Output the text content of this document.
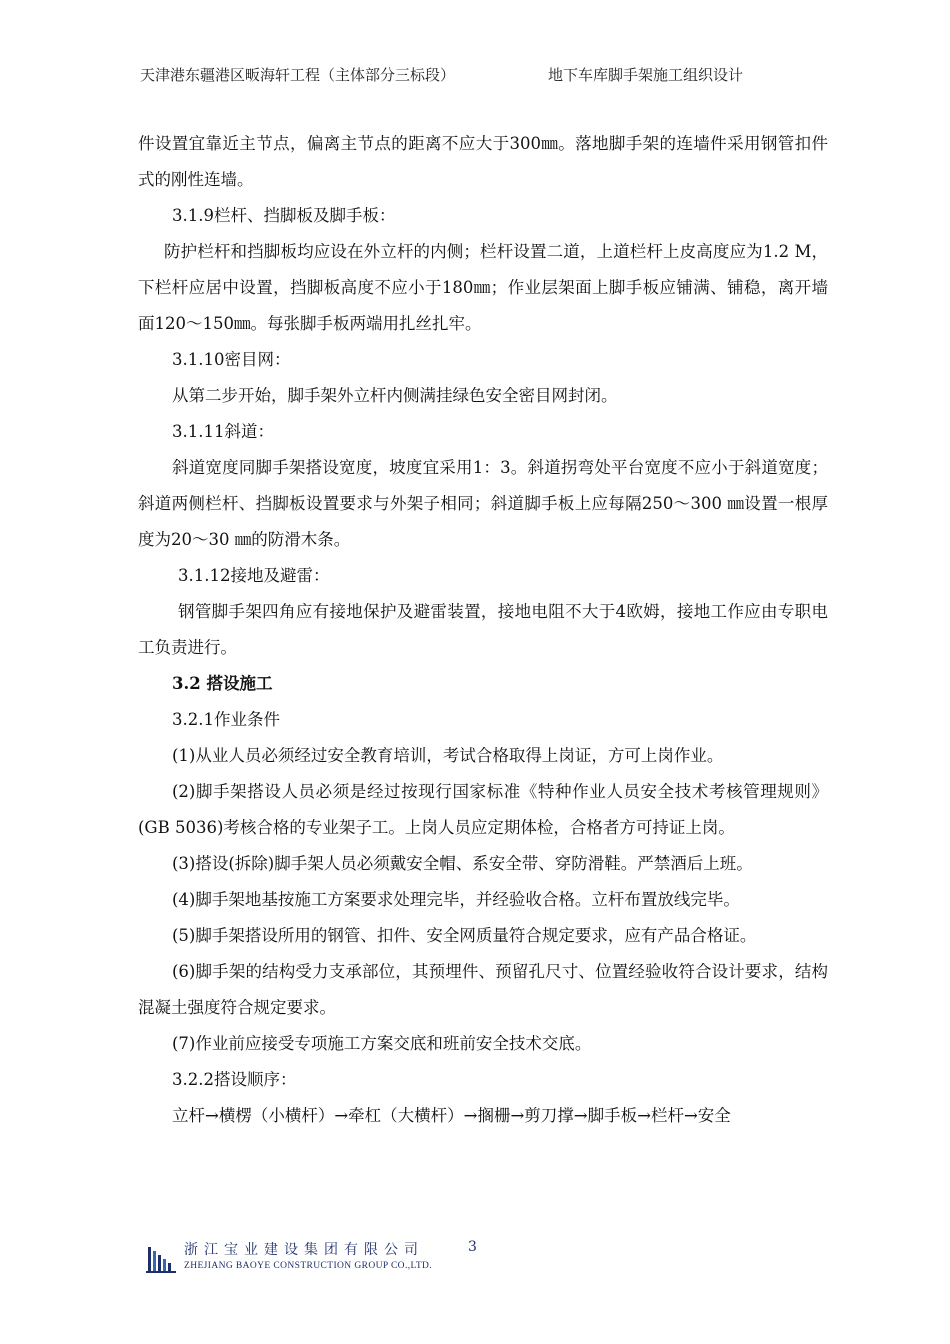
天津港东疆港区畈海轩工程（主体部分三标段）	地下车库脚手架施工组织设计

件设置宜靠近主节点，偏离主节点的距离不应大于300㎜。落地脚手架的连墙件采用钢管扣件式的刚性连墙。

3.1.9栏杆、挡脚板及脚手板：

防护栏杆和挡脚板均应设在外立杆的内侧；栏杆设置二道，上道栏杆上皮高度应为1.2 M，下栏杆应居中设置，挡脚板高度不应小于180㎜；作业层架面上脚手板应铺满、铺稳，离开墙面120～150㎜。每张脚手板两端用扎丝扎牢。

3.1.10密目网：

从第二步开始，脚手架外立杆内侧满挂绿色安全密目网封闭。

3.1.11斜道：

斜道宽度同脚手架搭设宽度，坡度宜采用1：3。斜道拐弯处平台宽度不应小于斜道宽度；斜道两侧栏杆、挡脚板设置要求与外架子相同；斜道脚手板上应每隔250～300 ㎜设置一根厚度为20～30 ㎜的防滑木条。

3.1.12接地及避雷：

钢管脚手架四角应有接地保护及避雷装置，接地电阻不大于4欧姆，接地工作应由专职电工负责进行。

3.2 搭设施工

3.2.1作业条件

(1)从业人员必须经过安全教育培训，考试合格取得上岗证，方可上岗作业。

(2)脚手架搭设人员必须是经过按现行国家标准《特种作业人员安全技术考核管理规则》(GB 5036)考核合格的专业架子工。上岗人员应定期体检，合格者方可持证上岗。

(3)搭设(拆除)脚手架人员必须戴安全帽、系安全带、穿防滑鞋。严禁酒后上班。

(4)脚手架地基按施工方案要求处理完毕，并经验收合格。立杆布置放线完毕。

(5)脚手架搭设所用的钢管、扣件、安全网质量符合规定要求，应有产品合格证。

(6)脚手架的结构受力支承部位，其预埋件、预留孔尺寸、位置经验收符合设计要求，结构混凝土强度符合规定要求。

(7)作业前应接受专项施工方案交底和班前安全技术交底。

3.2.2搭设顺序：

立杆→横楞（小横杆）→牵杠（大横杆）→搁栅→剪刀撑→脚手板→栏杆→安全

浙江宝业建设集团有限公司	3
ZHEJIANG BAOYE CONSTRUCTION GROUP CO.,LTD.
